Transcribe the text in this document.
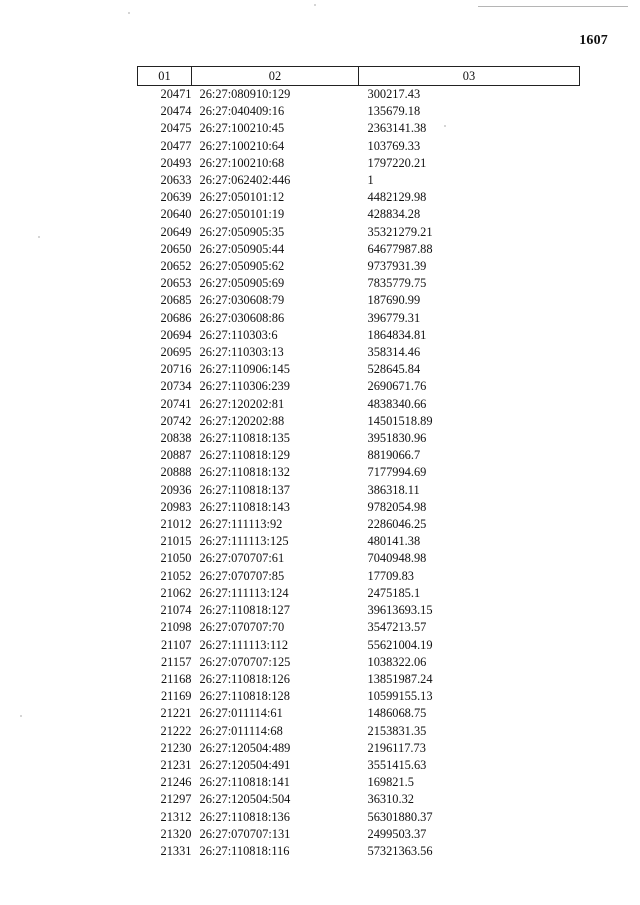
1607
01	02	03
20471	26:27:080910:129	300217.43
20474	26:27:040409:16	135679.18
20475	26:27:100210:45	2363141.38
20477	26:27:100210:64	103769.33
20493	26:27:100210:68	1797220.21
20633	26:27:062402:446	1
20639	26:27:050101:12	4482129.98
20640	26:27:050101:19	428834.28
20649	26:27:050905:35	35321279.21
20650	26:27:050905:44	64677987.88
20652	26:27:050905:62	9737931.39
20653	26:27:050905:69	7835779.75
20685	26:27:030608:79	187690.99
20686	26:27:030608:86	396779.31
20694	26:27:110303:6	1864834.81
20695	26:27:110303:13	358314.46
20716	26:27:110906:145	528645.84
20734	26:27:110306:239	2690671.76
20741	26:27:120202:81	4838340.66
20742	26:27:120202:88	14501518.89
20838	26:27:110818:135	3951830.96
20887	26:27:110818:129	8819066.7
20888	26:27:110818:132	7177994.69
20936	26:27:110818:137	386318.11
20983	26:27:110818:143	9782054.98
21012	26:27:111113:92	2286046.25
21015	26:27:111113:125	480141.38
21050	26:27:070707:61	7040948.98
21052	26:27:070707:85	17709.83
21062	26:27:111113:124	2475185.1
21074	26:27:110818:127	39613693.15
21098	26:27:070707:70	3547213.57
21107	26:27:111113:112	55621004.19
21157	26:27:070707:125	1038322.06
21168	26:27:110818:126	13851987.24
21169	26:27:110818:128	10599155.13
21221	26:27:011114:61	1486068.75
21222	26:27:011114:68	2153831.35
21230	26:27:120504:489	2196117.73
21231	26:27:120504:491	3551415.63
21246	26:27:110818:141	169821.5
21297	26:27:120504:504	36310.32
21312	26:27:110818:136	56301880.37
21320	26:27:070707:131	2499503.37
21331	26:27:110818:116	57321363.56
